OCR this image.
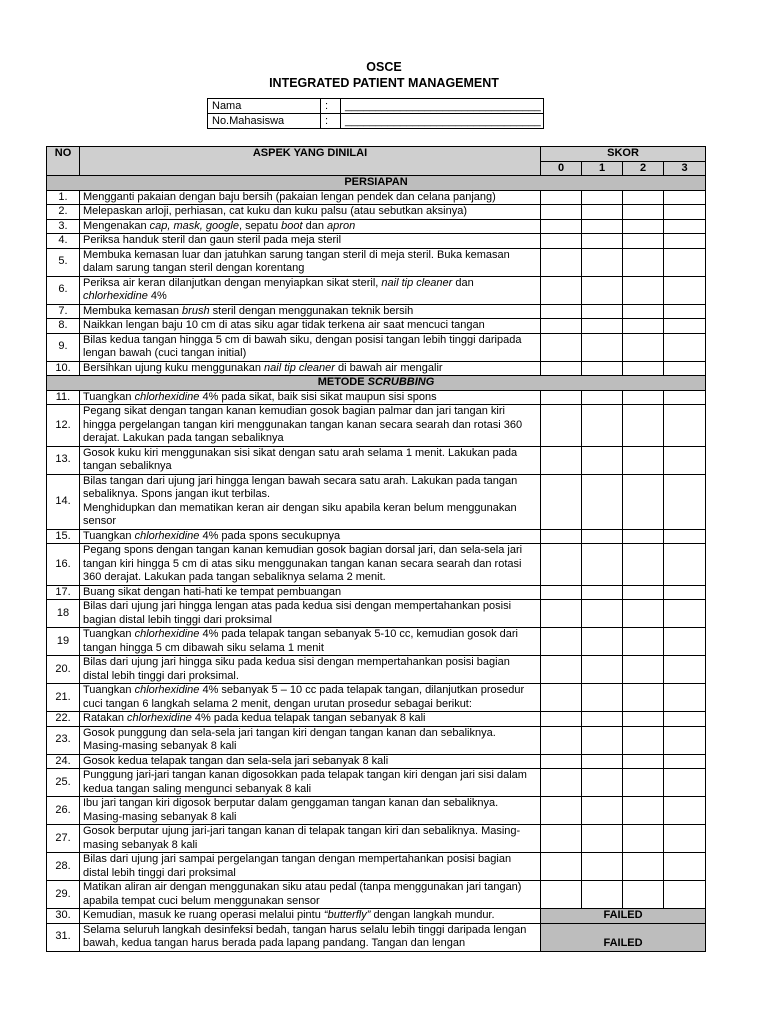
OSCE
INTEGRATED PATIENT MANAGEMENT
Nama	:	________________________________
No.Mahasiswa	:	________________________________
NO	ASPEK YANG DINILAI	SKOR			
		0	1	2	3
PERSIAPAN					
1.	Mengganti pakaian dengan baju bersih (pakaian lengan pendek dan celana panjang)				
2.	Melepaskan arloji, perhiasan, cat kuku dan kuku palsu (atau sebutkan aksinya)				
3.	Mengenakan cap, mask, google, sepatu boot dan apron				
4.	Periksa handuk steril dan gaun steril pada meja steril				
5.	Membuka kemasan luar dan jatuhkan sarung tangan steril di meja steril. Buka kemasan dalam sarung tangan steril dengan korentang				
6.	Periksa air keran dilanjutkan dengan menyiapkan sikat steril, nail tip cleaner dan chlorhexidine 4%				
7.	Membuka kemasan brush steril dengan menggunakan teknik bersih				
8.	Naikkan lengan baju 10 cm di atas siku agar tidak terkena air saat mencuci tangan				
9.	Bilas kedua tangan hingga 5 cm di bawah siku, dengan posisi tangan lebih tinggi daripada lengan bawah (cuci tangan initial)				
10.	Bersihkan ujung kuku menggunakan nail tip cleaner di bawah air mengalir				
METODE SCRUBBING					
11.	Tuangkan chlorhexidine 4% pada sikat, baik sisi sikat maupun sisi spons				
12.	Pegang sikat dengan tangan kanan kemudian gosok bagian palmar dan jari tangan kiri hingga pergelangan tangan kiri menggunakan tangan kanan secara searah dan rotasi 360 derajat. Lakukan pada tangan sebaliknya				
13.	Gosok kuku kiri menggunakan sisi sikat dengan satu arah selama 1 menit. Lakukan pada tangan sebaliknya				
14.	Bilas tangan dari ujung jari hingga lengan bawah secara satu arah. Lakukan pada tangan sebaliknya. Spons jangan ikut terbilas.
Menghidupkan dan mematikan keran air dengan siku apabila keran belum menggunakan sensor				
15.	Tuangkan chlorhexidine 4% pada spons secukupnya				
16.	Pegang spons dengan tangan kanan kemudian gosok bagian dorsal jari, dan sela-sela jari tangan kiri hingga 5 cm di atas siku menggunakan tangan kanan secara searah dan rotasi 360 derajat. Lakukan pada tangan sebaliknya selama 2 menit.				
17.	Buang sikat dengan hati-hati ke tempat pembuangan				
18	Bilas dari ujung jari hingga lengan atas pada kedua sisi dengan mempertahankan posisi bagian distal lebih tinggi dari proksimal				
19	Tuangkan chlorhexidine 4% pada telapak tangan sebanyak 5-10 cc, kemudian gosok dari tangan hingga 5 cm dibawah siku selama 1 menit				
20.	Bilas dari ujung jari hingga siku pada kedua sisi dengan mempertahankan posisi bagian distal lebih tinggi dari proksimal.				
21.	Tuangkan chlorhexidine 4% sebanyak 5 – 10 cc pada telapak tangan, dilanjutkan prosedur cuci tangan 6 langkah selama 2 menit, dengan urutan prosedur sebagai berikut:				
22.	Ratakan chlorhexidine 4% pada kedua telapak tangan sebanyak 8 kali				
23.	Gosok punggung dan sela-sela jari tangan kiri dengan tangan kanan dan sebaliknya. Masing-masing sebanyak 8 kali				
24.	Gosok kedua telapak tangan dan sela-sela jari sebanyak 8 kali				
25.	Punggung jari-jari tangan kanan digosokkan pada telapak tangan kiri dengan jari sisi dalam kedua tangan saling mengunci sebanyak 8 kali				
26.	Ibu jari tangan kiri digosok berputar dalam genggaman tangan kanan dan sebaliknya. Masing-masing sebanyak 8 kali				
27.	Gosok berputar ujung jari-jari tangan kanan di telapak tangan kiri dan sebaliknya. Masing-masing sebanyak 8 kali				
28.	Bilas dari ujung jari sampai pergelangan tangan dengan mempertahankan posisi bagian distal lebih tinggi dari proksimal				
29.	Matikan aliran air dengan menggunakan siku atau pedal (tanpa menggunakan jari tangan) apabila tempat cuci belum menggunakan sensor				
30.	Kemudian, masuk ke ruang operasi melalui pintu “butterfly” dengan langkah mundur.	FAILED			
31.	Selama seluruh langkah desinfeksi bedah, tangan harus selalu lebih tinggi daripada lengan bawah, kedua tangan harus berada pada lapang pandang. Tangan dan lengan	FAILED			
